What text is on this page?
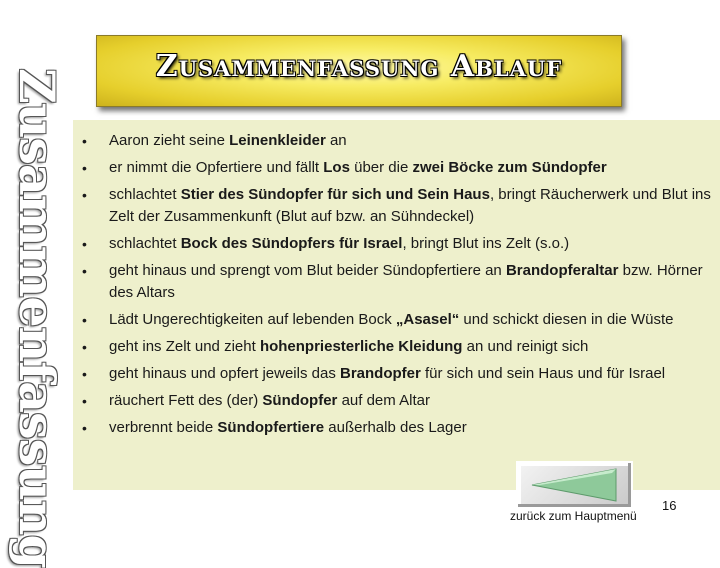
Zusammenfassung Ablauf
Zusammenfassung • Aaron zieht seine Leinenkleider an
• er nimmt die Opfertiere und fällt Los über die zwei Böcke zum Sündopfer
• schlachtet Stier des Sündopfer für sich und Sein Haus, bringt Räucherwerk und Blut ins Zelt der Zusammenkunft (Blut auf bzw. an Sühndeckel)
• schlachtet Bock des Sündopfers für Israel, bringt Blut ins Zelt (s.o.)
• geht hinaus und sprengt vom Blut beider Sündopfertiere an Brandopferaltar bzw. Hörner des Altars
• Lädt Ungerechtigkeiten auf lebenden Bock „Asasel“ und schickt diesen in die Wüste
• geht ins Zelt und zieht hohenpriesterliche Kleidung an und reinigt sich
• geht hinaus und opfert jeweils das Brandopfer für sich und sein Haus und für Israel
• räuchert Fett des (der) Sündopfer auf dem Altar
• verbrennt beide Sündopfertiere außerhalb des Lager
zurück zum Hauptmenü
16
